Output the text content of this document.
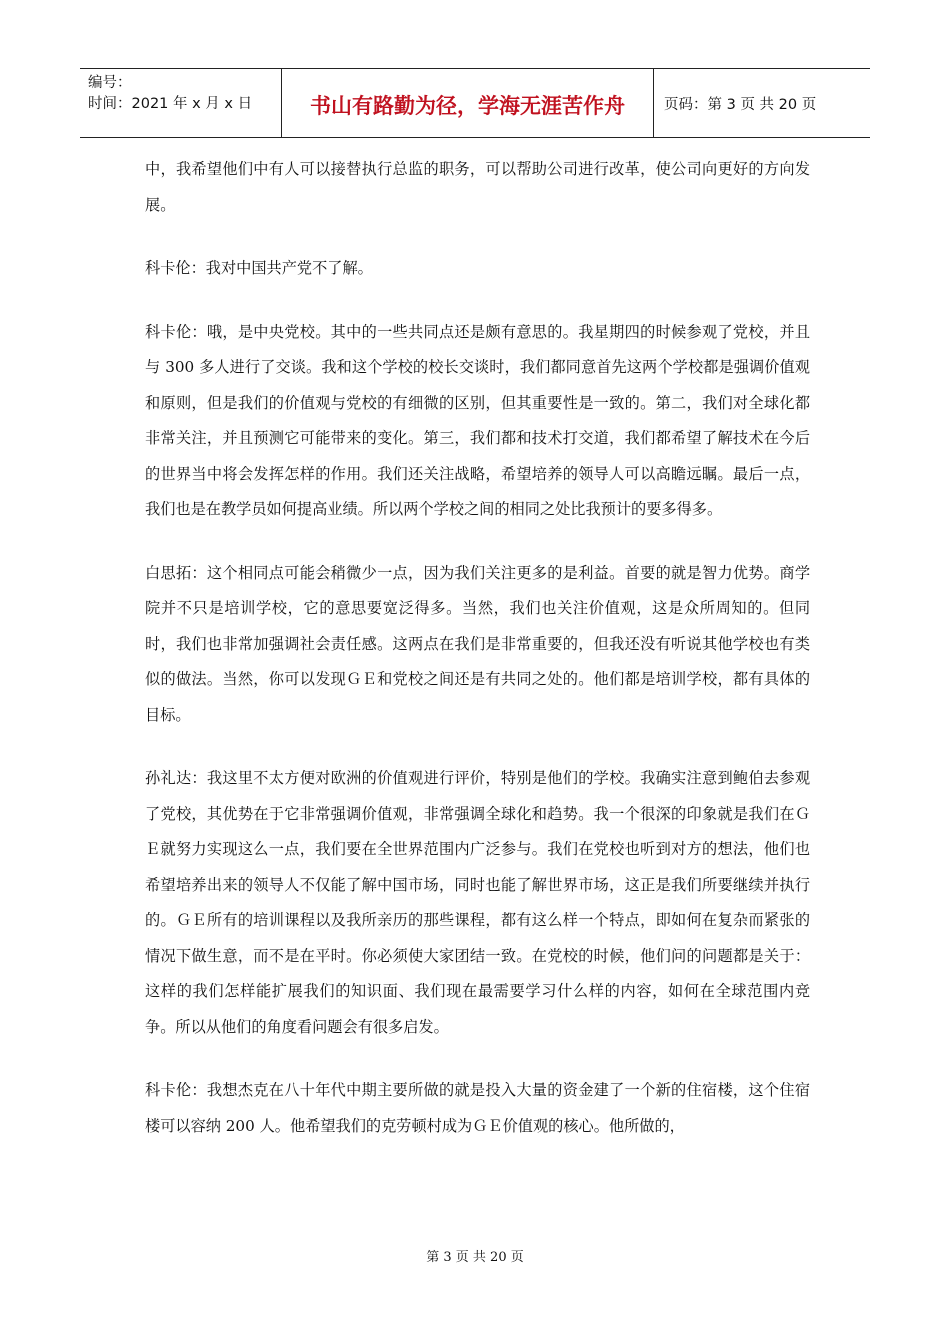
编号：
时间：2021 年 x 月 x 日	书山有路勤为径，学海无涯苦作舟	页码：第 3 页 共 20 页

中，我希望他们中有人可以接替执行总监的职务，可以帮助公司进行改革，使公司向更好的方向发展。

科卡伦：我对中国共产党不了解。

科卡伦：哦，是中央党校。其中的一些共同点还是颇有意思的。我星期四的时候参观了党校，并且与 300 多人进行了交谈。我和这个学校的校长交谈时，我们都同意首先这两个学校都是强调价值观和原则，但是我们的价值观与党校的有细微的区别，但其重要性是一致的。第二，我们对全球化都非常关注，并且预测它可能带来的变化。第三，我们都和技术打交道，我们都希望了解技术在今后的世界当中将会发挥怎样的作用。我们还关注战略，希望培养的领导人可以高瞻远瞩。最后一点，我们也是在教学员如何提高业绩。所以两个学校之间的相同之处比我预计的要多得多。

白思拓：这个相同点可能会稍微少一点，因为我们关注更多的是利益。首要的就是智力优势。商学院并不只是培训学校，它的意思要宽泛得多。当然，我们也关注价值观，这是众所周知的。但同时，我们也非常加强调社会责任感。这两点在我们是非常重要的，但我还没有听说其他学校也有类似的做法。当然，你可以发现ＧＥ和党校之间还是有共同之处的。他们都是培训学校，都有具体的目标。

孙礼达：我这里不太方便对欧洲的价值观进行评价，特别是他们的学校。我确实注意到鲍伯去参观了党校，其优势在于它非常强调价值观，非常强调全球化和趋势。我一个很深的印象就是我们在ＧＥ就努力实现这么一点，我们要在全世界范围内广泛参与。我们在党校也听到对方的想法，他们也希望培养出来的领导人不仅能了解中国市场，同时也能了解世界市场，这正是我们所要继续并执行的。ＧＥ所有的培训课程以及我所亲历的那些课程，都有这么样一个特点，即如何在复杂而紧张的情况下做生意，而不是在平时。你必须使大家团结一致。在党校的时候，他们问的问题都是关于：这样的我们怎样能扩展我们的知识面、我们现在最需要学习什么样的内容，如何在全球范围内竞争。所以从他们的角度看问题会有很多启发。

科卡伦：我想杰克在八十年代中期主要所做的就是投入大量的资金建了一个新的住宿楼，这个住宿楼可以容纳 200 人。他希望我们的克劳顿村成为ＧＥ价值观的核心。他所做的，

第 3 页 共 20 页
